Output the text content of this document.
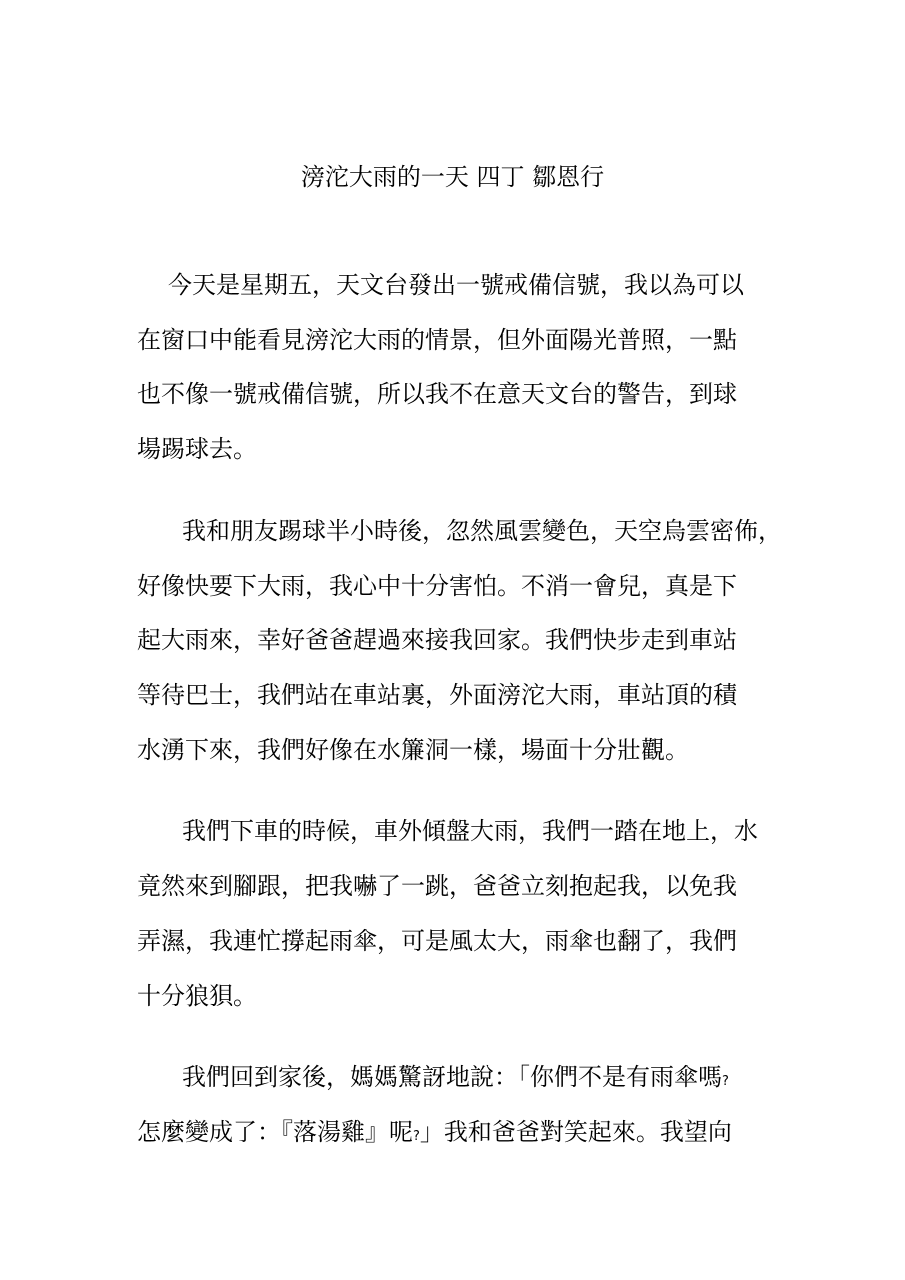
滂沱大雨的一天 四丁 鄒恩行
今天是星期五，天文台發出一號戒備信號，我以為可以
在窗口中能看見滂沱大雨的情景，但外面陽光普照，一點
也不像一號戒備信號，所以我不在意天文台的警告，到球
場踢球去。
我和朋友踢球半小時後，忽然風雲變色，天空烏雲密佈，
好像快要下大雨，我心中十分害怕。不消一會兒，真是下
起大雨來，幸好爸爸趕過來接我回家。我們快步走到車站
等待巴士，我們站在車站裏，外面滂沱大雨，車站頂的積
水湧下來，我們好像在水簾洞一樣，場面十分壯觀。
我們下車的時候，車外傾盤大雨，我們一踏在地上，水
竟然來到腳跟，把我嚇了一跳，爸爸立刻抱起我，以免我
弄濕，我連忙撐起雨傘，可是風太大，雨傘也翻了，我們
十分狼狽。
我們回到家後，媽媽驚訝地說：「你們不是有雨傘嗎?
怎麼變成了：『落湯雞』呢?」我和爸爸對笑起來。我望向
